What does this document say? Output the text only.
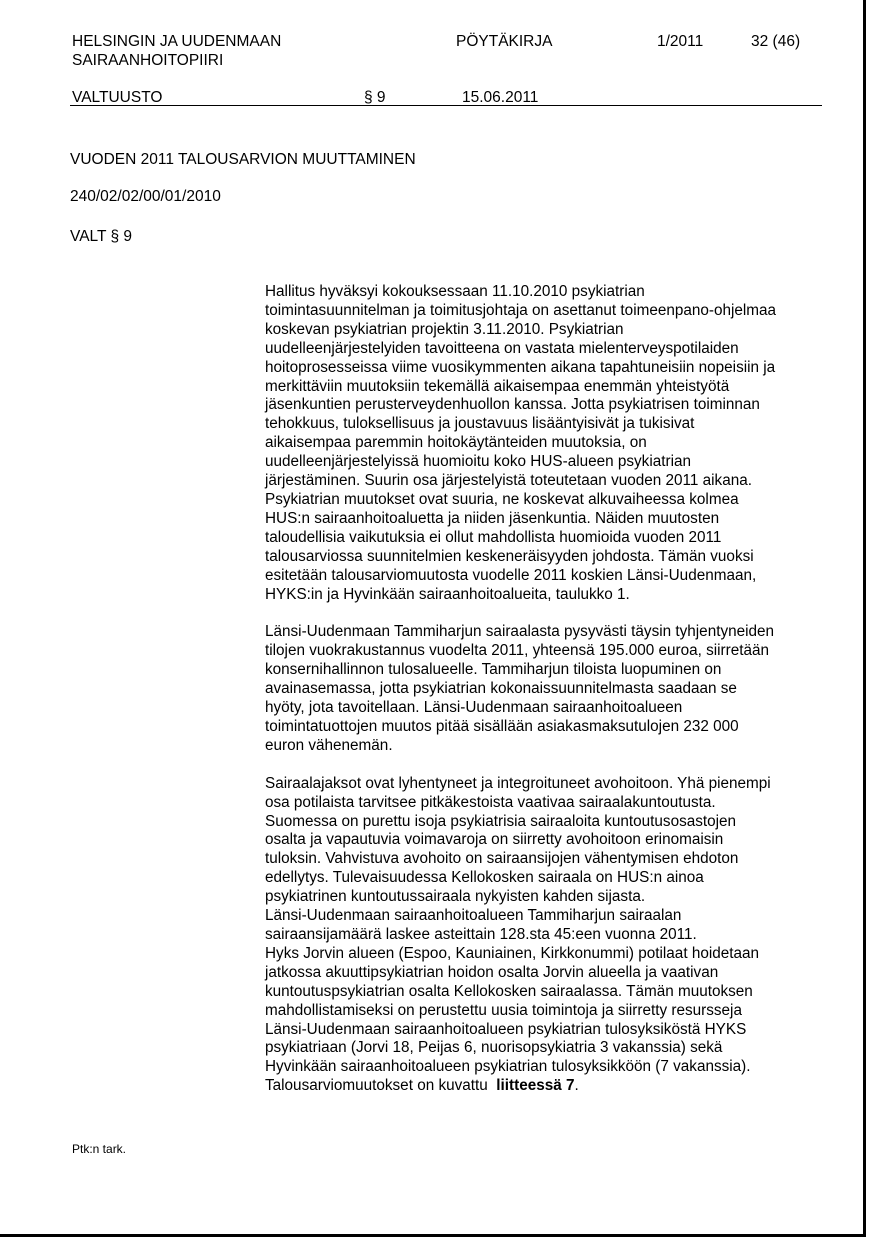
HELSINGIN JA UUDENMAAN
SAIRAANHOITOPIIRI
PÖYTÄKIRJA	1/2011	32 (46)
VALTUUSTO	§ 9	15.06.2011
VUODEN 2011 TALOUSARVION MUUTTAMINEN
240/02/02/00/01/2010
VALT § 9

Hallitus hyväksyi kokouksessaan 11.10.2010 psykiatrian
toimintasuunnitelman ja toimitusjohtaja on asettanut toimeenpano-ohjelmaa
koskevan psykiatrian projektin 3.11.2010. Psykiatrian
uudelleenjärjestelyiden tavoitteena on vastata mielenterveyspotilaiden
hoitoprosesseissa viime vuosikymmenten aikana tapahtuneisiin nopeisiin ja
merkittäviin muutoksiin tekemällä aikaisempaa enemmän yhteistyötä
jäsenkuntien perusterveydenhuollon kanssa. Jotta psykiatrisen toiminnan
tehokkuus, tuloksellisuus ja joustavuus lisääntyisivät ja tukisivat
aikaisempaa paremmin hoitokäytänteiden muutoksia, on
uudelleenjärjestelyissä huomioitu koko HUS-alueen psykiatrian
järjestäminen. Suurin osa järjestelyistä toteutetaan vuoden 2011 aikana.
Psykiatrian muutokset ovat suuria, ne koskevat alkuvaiheessa kolmea
HUS:n sairaanhoitoaluetta ja niiden jäsenkuntia. Näiden muutosten
taloudellisia vaikutuksia ei ollut mahdollista huomioida vuoden 2011
talousarviossa suunnitelmien keskeneräisyyden johdosta. Tämän vuoksi
esitetään talousarviomuutosta vuodelle 2011 koskien Länsi-Uudenmaan,
HYKS:in ja Hyvinkään sairaanhoitoalueita, taulukko 1.

Länsi-Uudenmaan Tammiharjun sairaalasta pysyvästi täysin tyhjentyneiden
tilojen vuokrakustannus vuodelta 2011, yhteensä 195.000 euroa, siirretään
konsernihallinnon tulosalueelle. Tammiharjun tiloista luopuminen on
avainasemassa, jotta psykiatrian kokonaissuunnitelmasta saadaan se
hyöty, jota tavoitellaan. Länsi-Uudenmaan sairaanhoitoalueen
toimintatuottojen muutos pitää sisällään asiakasmaksutulojen 232 000
euron vähenemän.

Sairaalajaksot ovat lyhentyneet ja integroituneet avohoitoon. Yhä pienempi
osa potilaista tarvitsee pitkäkestoista vaativaa sairaalakuntoutusta.
Suomessa on purettu isoja psykiatrisia sairaaloita kuntoutusosastojen
osalta ja vapautuvia voimavaroja on siirretty avohoitoon erinomaisin
tuloksin. Vahvistuva avohoito on sairaansijojen vähentymisen ehdoton
edellytys. Tulevaisuudessa Kellokosken sairaala on HUS:n ainoa
psykiatrinen kuntoutussairaala nykyisten kahden sijasta.
Länsi-Uudenmaan sairaanhoitoalueen Tammiharjun sairaalan
sairaansijamäärä laskee asteittain 128.sta 45:een vuonna 2011.
Hyks Jorvin alueen (Espoo, Kauniainen, Kirkkonummi) potilaat hoidetaan
jatkossa akuuttipsykiatrian hoidon osalta Jorvin alueella ja vaativan
kuntoutuspsykiatrian osalta Kellokosken sairaalassa. Tämän muutoksen
mahdollistamiseksi on perustettu uusia toimintoja ja siirretty resursseja
Länsi-Uudenmaan sairaanhoitoalueen psykiatrian tulosyksiköstä HYKS
psykiatriaan (Jorvi 18, Peijas 6, nuorisopsykiatria 3 vakanssia) sekä
Hyvinkään sairaanhoitoalueen psykiatrian tulosyksikköön (7 vakanssia).
Talousarviomuutokset on kuvattu  liitteessä 7.

Ptk:n tark.
